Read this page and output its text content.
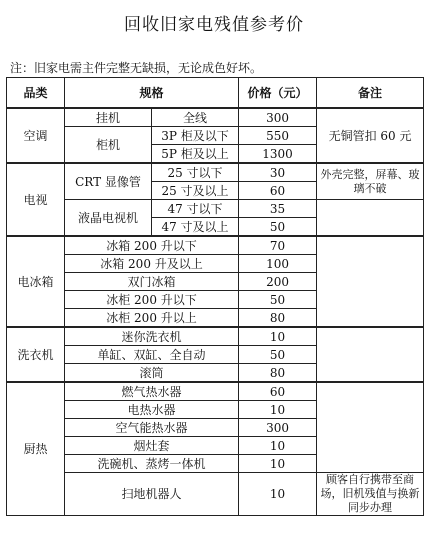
回收旧家电残值参考价
注：旧家电需主件完整无缺损，无论成色好坏。
品类	规格		价格（元）	备注
空调	挂机	全线	300	无铜管扣 60 元
	柜机	3P 柜及以下	550	
		5P 柜及以上	1300	
电视	CRT 显像管	25 寸以下	30	外壳完整，屏幕、玻璃不破
		25 寸及以上	60	
	液晶电视机	47 寸以下	35	
		47 寸及以上	50	
电冰箱	冰箱 200 升以下		70	
	冰箱 200 升及以上		100	
	双门冰箱		200	
	冰柜 200 升以下		50	
	冰柜 200 升以上		80	
洗衣机	迷你洗衣机		10	
	单缸、双缸、全自动		50	
	滚筒		80	
厨热	燃气热水器		60	
	电热水器		10	
	空气能热水器		300	
	烟灶套		10	
	洗碗机、蒸烤一体机		10	
	扫地机器人		10	顾客自行携带至商场，旧机残值与换新同步办理
